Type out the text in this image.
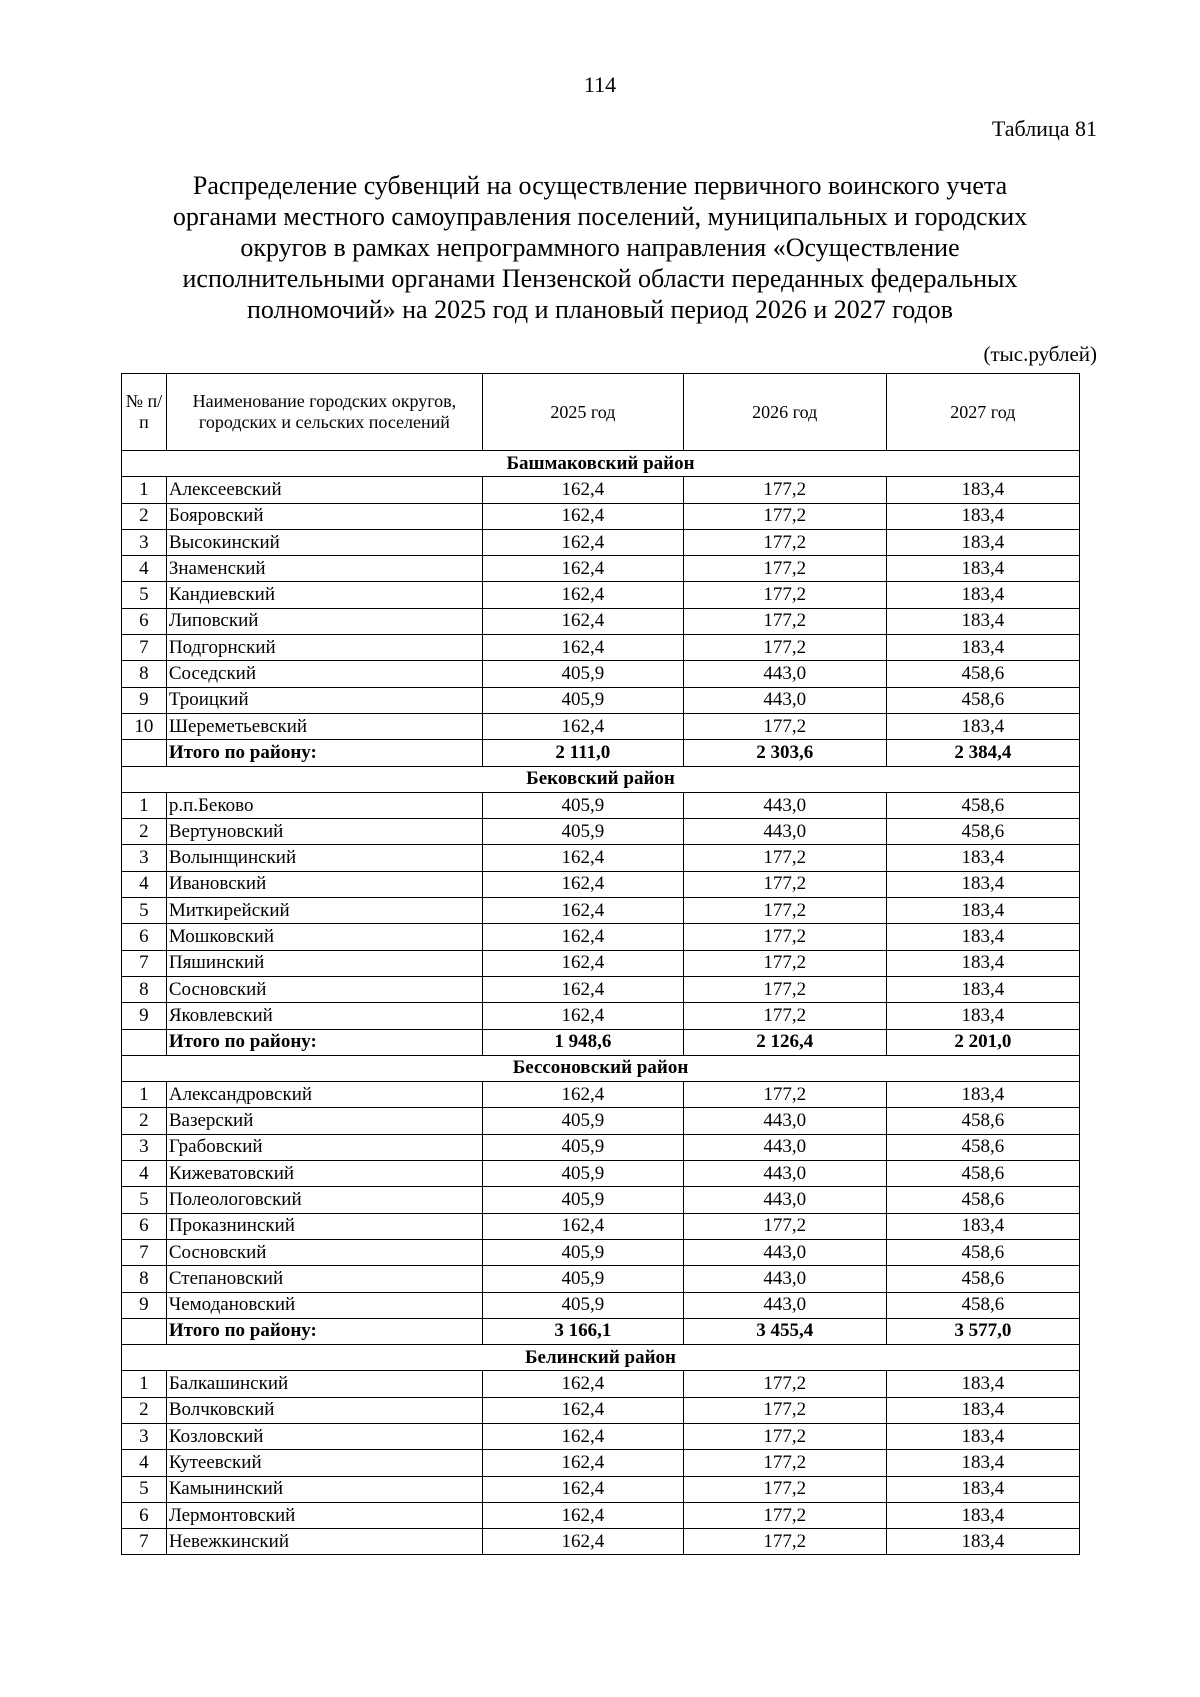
114
Таблица 81
Распределение субвенций на осуществление первичного воинского учета
органами местного самоуправления поселений, муниципальных и городских
округов в рамках непрограммного направления «Осуществление
исполнительными органами Пензенской области переданных федеральных
полномочий» на 2025 год и плановый период 2026 и 2027 годов
(тыс.рублей)
№ п/п	Наименование городских округов, городских и сельских поселений	2025 год	2026 год	2027 год
Башмаковский район				
1	Алексеевский	162,4	177,2	183,4
2	Бояровский	162,4	177,2	183,4
3	Высокинский	162,4	177,2	183,4
4	Знаменский	162,4	177,2	183,4
5	Кандиевский	162,4	177,2	183,4
6	Липовский	162,4	177,2	183,4
7	Подгорнский	162,4	177,2	183,4
8	Соседский	405,9	443,0	458,6
9	Троицкий	405,9	443,0	458,6
10	Шереметьевский	162,4	177,2	183,4
	Итого по району:	2 111,0	2 303,6	2 384,4
Бековский район				
1	р.п.Беково	405,9	443,0	458,6
2	Вертуновский	405,9	443,0	458,6
3	Волынщинский	162,4	177,2	183,4
4	Ивановский	162,4	177,2	183,4
5	Миткирейский	162,4	177,2	183,4
6	Мошковский	162,4	177,2	183,4
7	Пяшинский	162,4	177,2	183,4
8	Сосновский	162,4	177,2	183,4
9	Яковлевский	162,4	177,2	183,4
	Итого по району:	1 948,6	2 126,4	2 201,0
Бессоновский район				
1	Александровский	162,4	177,2	183,4
2	Вазерский	405,9	443,0	458,6
3	Грабовский	405,9	443,0	458,6
4	Кижеватовский	405,9	443,0	458,6
5	Полеологовский	405,9	443,0	458,6
6	Проказнинский	162,4	177,2	183,4
7	Сосновский	405,9	443,0	458,6
8	Степановский	405,9	443,0	458,6
9	Чемодановский	405,9	443,0	458,6
	Итого по району:	3 166,1	3 455,4	3 577,0
Белинский район				
1	Балкашинский	162,4	177,2	183,4
2	Волчковский	162,4	177,2	183,4
3	Козловский	162,4	177,2	183,4
4	Кутеевский	162,4	177,2	183,4
5	Камынинский	162,4	177,2	183,4
6	Лермонтовский	162,4	177,2	183,4
7	Невежкинский	162,4	177,2	183,4
